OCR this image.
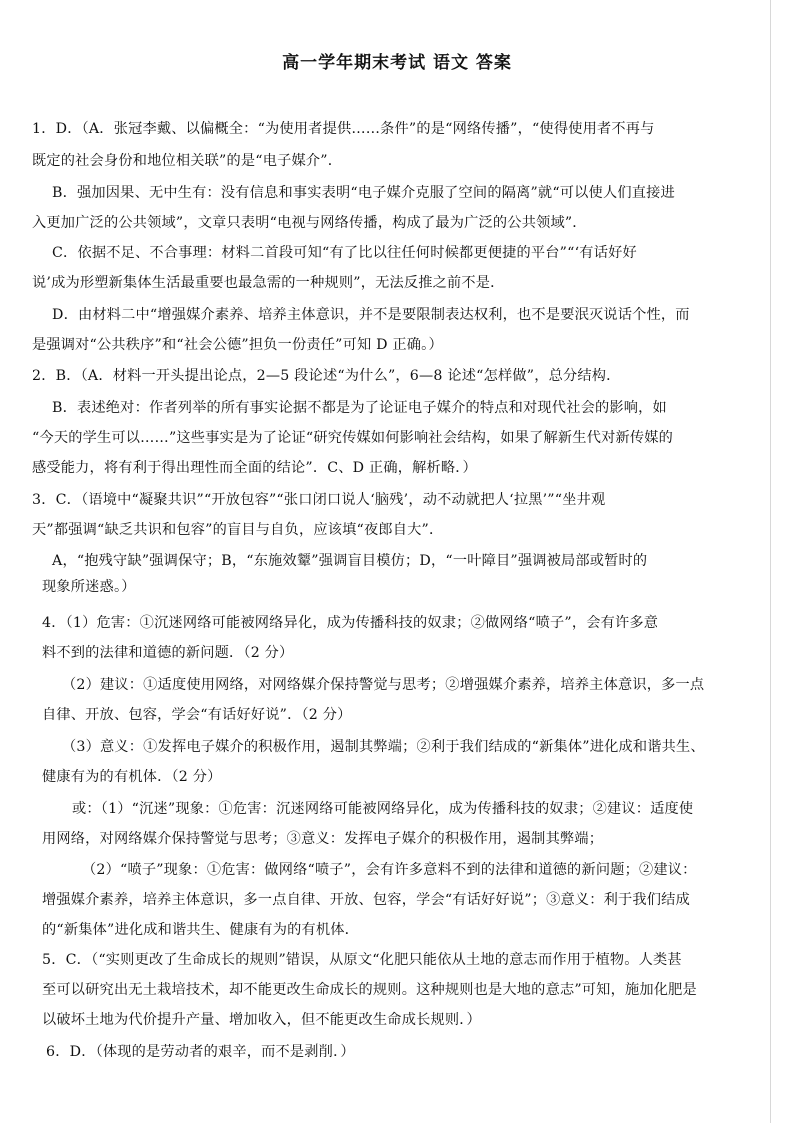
高一学年期末考试 语文 答案
1．D．（A．张冠李戴、以偏概全：“为使用者提供……条件”的是“网络传播”，“使得使用者不再与
既定的社会身份和地位相关联”的是“电子媒介”．
B．强加因果、无中生有：没有信息和事实表明“电子媒介克服了空间的隔离”就“可以使人们直接进
入更加广泛的公共领域”，文章只表明“电视与网络传播，构成了最为广泛的公共领域”．
C．依据不足、不合事理：材料二首段可知“有了比以往任何时候都更便捷的平台”“‘有话好好
说’成为形塑新集体生活最重要也最急需的一种规则”，无法反推之前不是．
D．由材料二中“增强媒介素养、培养主体意识，并不是要限制表达权利，也不是要泯灭说话个性，而
是强调对“公共秩序”和“社会公德”担负一份责任”可知 D 正确。）
2．B．（A．材料一开头提出论点，2—5 段论述“为什么”，6—8 论述“怎样做”，总分结构．
B．表述绝对：作者列举的所有事实论据不都是为了论证电子媒介的特点和对现代社会的影响，如
“今天的学生可以……”这些事实是为了论证“研究传媒如何影响社会结构，如果了解新生代对新传媒的
感受能力，将有利于得出理性而全面的结论”．C、D 正确，解析略．）
3．C．（语境中“凝聚共识”“开放包容”“张口闭口说人‘脑残’，动不动就把人‘拉黑’”“坐井观
天”都强调“缺乏共识和包容”的盲目与自负，应该填“夜郎自大”．
A，“抱残守缺”强调保守；B，“东施效颦”强调盲目模仿；D，“一叶障目”强调被局部或暂时的
现象所迷惑。）
4．（1）危害：①沉迷网络可能被网络异化，成为传播科技的奴隶；②做网络“喷子”，会有许多意
料不到的法律和道德的新问题．（2 分）
（2）建议：①适度使用网络，对网络媒介保持警觉与思考；②增强媒介素养，培养主体意识，多一点
自律、开放、包容，学会“有话好好说”．（2 分）
（3）意义：①发挥电子媒介的积极作用，遏制其弊端；②利于我们结成的“新集体”进化成和谐共生、
健康有为的有机体．（2 分）
或：（1）“沉迷”现象：①危害：沉迷网络可能被网络异化，成为传播科技的奴隶；②建议：适度使
用网络，对网络媒介保持警觉与思考；③意义：发挥电子媒介的积极作用，遏制其弊端；
（2）“喷子”现象：①危害：做网络“喷子”，会有许多意料不到的法律和道德的新问题；②建议：
增强媒介素养，培养主体意识，多一点自律、开放、包容，学会“有话好好说”；③意义：利于我们结成
的“新集体”进化成和谐共生、健康有为的有机体．
5．C．（“实则更改了生命成长的规则”错误，从原文“化肥只能依从土地的意志而作用于植物。人类甚
至可以研究出无土栽培技术，却不能更改生命成长的规则。这种规则也是大地的意志”可知，施加化肥是
以破坏土地为代价提升产量、增加收入，但不能更改生命成长规则．）
6．D．（体现的是劳动者的艰辛，而不是剥削．）
